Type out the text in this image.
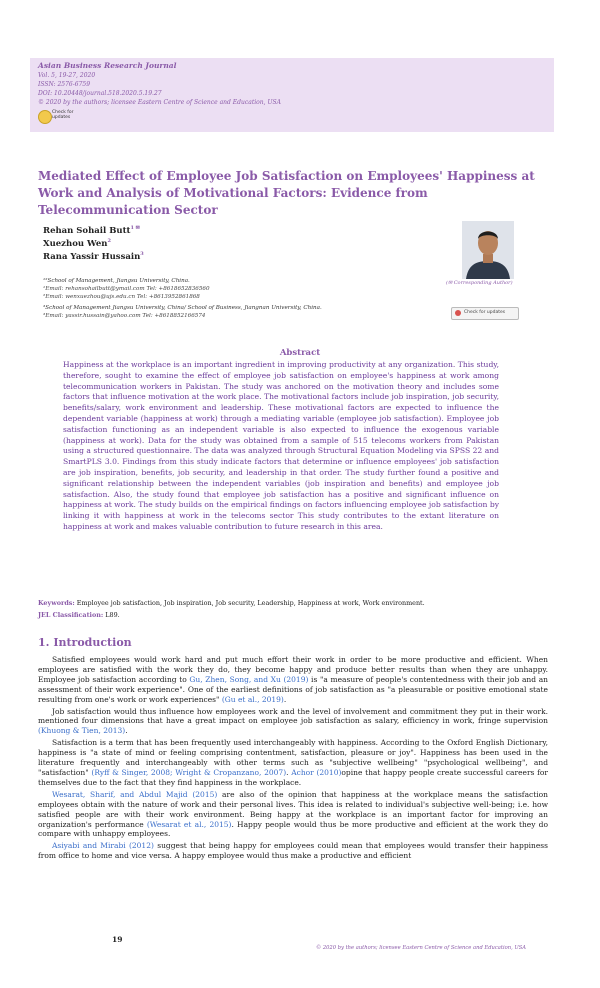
Asian Business Research Journal
Vol. 5, 19-27, 2020
ISSN: 2576-6759
DOI: 10.20448/journal.518.2020.5.19.27
© 2020 by the authors; licensee Eastern Centre of Science and Education, USA
Check for
updates
Mediated Effect of Employee Job Satisfaction on Employees' Happiness at Work and Analysis of Motivational Factors: Evidence from Telecommunication Sector
Rehan Sohail Butt$^{1 ✉}$
Xuezhou Wen$^2$
Rana Yassir Hussain$^3$
¹²School of Management, Jiangsu University, China.
¹Email: rehansohailbutt@ymail.com Tel: +8618652836560
²Email: wenxuezhou@ujs.edu.cn Tel: +8613952861868
³School of Management Jiangsu University, China/ School of Business, Jiangnan University, China.
³Email: yassir.hussain@yahoo.com Tel: +8618852166574
(✉ Corresponding Author)
Check for updates
Abstract
Happiness at the workplace is an important ingredient in improving productivity at any organization. This study, therefore, sought to examine the effect of employee job satisfaction on employee's happiness at work among telecommunication workers in Pakistan. The study was anchored on the motivation theory and includes some factors that influence motivation at the work place. The motivational factors include job inspiration, job security, benefits/salary, work environment and leadership. These motivational factors are expected to influence the dependent variable (happiness at work) through a mediating variable (employee job satisfaction). Employee job satisfaction functioning as an independent variable is also expected to influence the exogenous variable (happiness at work). Data for the study was obtained from a sample of 515 telecoms workers from Pakistan using a structured questionnaire. The data was analyzed through Structural Equation Modeling via SPSS 22 and SmartPLS 3.0. Findings from this study indicate factors that determine or influence employees' job satisfaction are job inspiration, benefits, job security, and leadership in that order. The study further found a positive and significant relationship between the independent variables (job inspiration and benefits) and employee job satisfaction. Also, the study found that employee job satisfaction has a positive and significant influence on happiness at work. The study builds on the empirical findings on factors influencing employee job satisfaction by linking it with happiness at work in the telecoms sector This study contributes to the extant literature on happiness at work and makes valuable contribution to future research in this area.
Keywords: Employee job satisfaction, Job inspiration, Job security, Leadership, Happiness at work, Work environment.
JEL Classification: L89.
1. Introduction

Satisfied employees would work hard and put much effort their work in order to be more productive and efficient. When employees are satisfied with the work they do, they become happy and produce better results than when they are unhappy. Employee job satisfaction according to Gu, Zhen, Song, and Xu (2019) is "a measure of people's contentedness with their job and an assessment of their work experience". One of the earliest definitions of job satisfaction as "a pleasurable or positive emotional state resulting from one's work or work experiences" (Gu et al., 2019).

Job satisfaction would thus influence how employees work and the level of involvement and commitment they put in their work. mentioned four dimensions that have a great impact on employee job satisfaction as salary, efficiency in work, fringe supervision (Khuong & Tien, 2013).

Satisfaction is a term that has been frequently used interchangeably with happiness. According to the Oxford English Dictionary, happiness is "a state of mind or feeling comprising contentment, satisfaction, pleasure or joy". Happiness has been used in the literature frequently and interchangeably with other terms such as "subjective wellbeing" "psychological wellbeing", and "satisfaction" (Ryff & Singer, 2008; Wright & Cropanzano, 2007). Achor (2010)opine that happy people create successful careers for themselves due to the fact that they find happiness in the workplace.

Wesarat, Sharif, and Abdul Majid (2015) are also of the opinion that happiness at the workplace means the satisfaction employees obtain with the nature of work and their personal lives. This idea is related to individual's subjective well-being; i.e. how satisfied people are with their work environment. Being happy at the workplace is an important factor for improving an organization's performance (Wesarat et al., 2015). Happy people would thus be more productive and efficient at the work they do compare with unhappy employees.

Asiyabi and Mirabi (2012) suggest that being happy for employees could mean that employees would transfer their happiness from office to home and vice versa. A happy employee would thus make a productive and efficient

19
© 2020 by the authors; licensee Eastern Centre of Science and Education, USA
